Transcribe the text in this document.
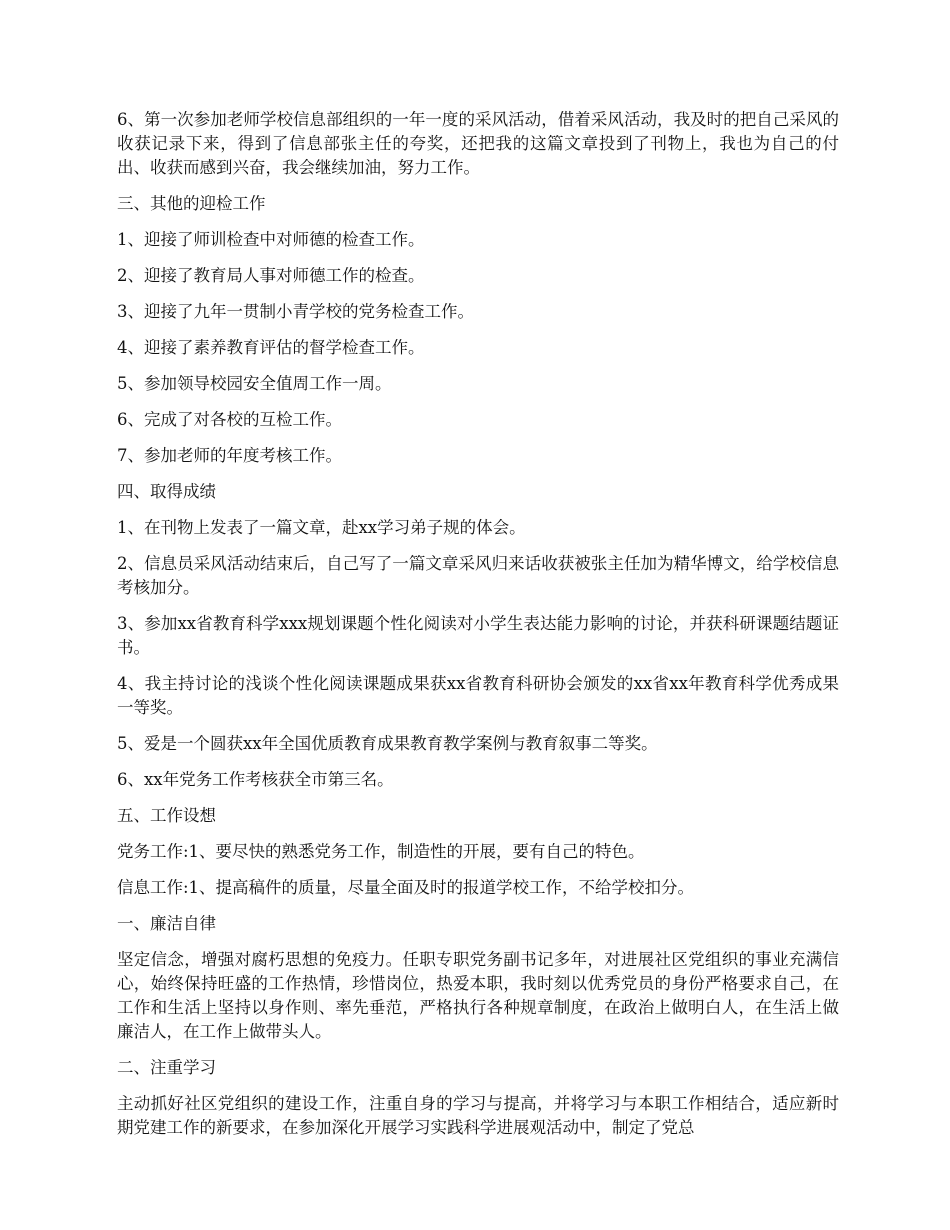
6、第一次参加老师学校信息部组织的一年一度的采风活动，借着采风活动，我及时的把自己采风的收获记录下来，得到了信息部张主任的夸奖，还把我的这篇文章投到了刊物上，我也为自己的付出、收获而感到兴奋，我会继续加油，努力工作。

三、其他的迎检工作

1、迎接了师训检查中对师德的检查工作。

2、迎接了教育局人事对师德工作的检查。

3、迎接了九年一贯制小青学校的党务检查工作。

4、迎接了素养教育评估的督学检查工作。

5、参加领导校园安全值周工作一周。

6、完成了对各校的互检工作。

7、参加老师的年度考核工作。

四、取得成绩

1、在刊物上发表了一篇文章，赴xx学习弟子规的体会。

2、信息员采风活动结束后，自己写了一篇文章采风归来话收获被张主任加为精华博文，给学校信息考核加分。

3、参加xx省教育科学xxx规划课题个性化阅读对小学生表达能力影响的讨论，并获科研课题结题证书。

4、我主持讨论的浅谈个性化阅读课题成果获xx省教育科研协会颁发的xx省xx年教育科学优秀成果一等奖。

5、爱是一个圆获xx年全国优质教育成果教育教学案例与教育叙事二等奖。

6、xx年党务工作考核获全市第三名。

五、工作设想

党务工作:1、要尽快的熟悉党务工作，制造性的开展，要有自己的特色。

信息工作:1、提高稿件的质量，尽量全面及时的报道学校工作，不给学校扣分。

一、廉洁自律

坚定信念，增强对腐朽思想的免疫力。任职专职党务副书记多年，对进展社区党组织的事业充满信心，始终保持旺盛的工作热情，珍惜岗位，热爱本职，我时刻以优秀党员的身份严格要求自己，在工作和生活上坚持以身作则、率先垂范，严格执行各种规章制度，在政治上做明白人，在生活上做廉洁人，在工作上做带头人。

二、注重学习

主动抓好社区党组织的建设工作，注重自身的学习与提高，并将学习与本职工作相结合，适应新时期党建工作的新要求，在参加深化开展学习实践科学进展观活动中，制定了党总
